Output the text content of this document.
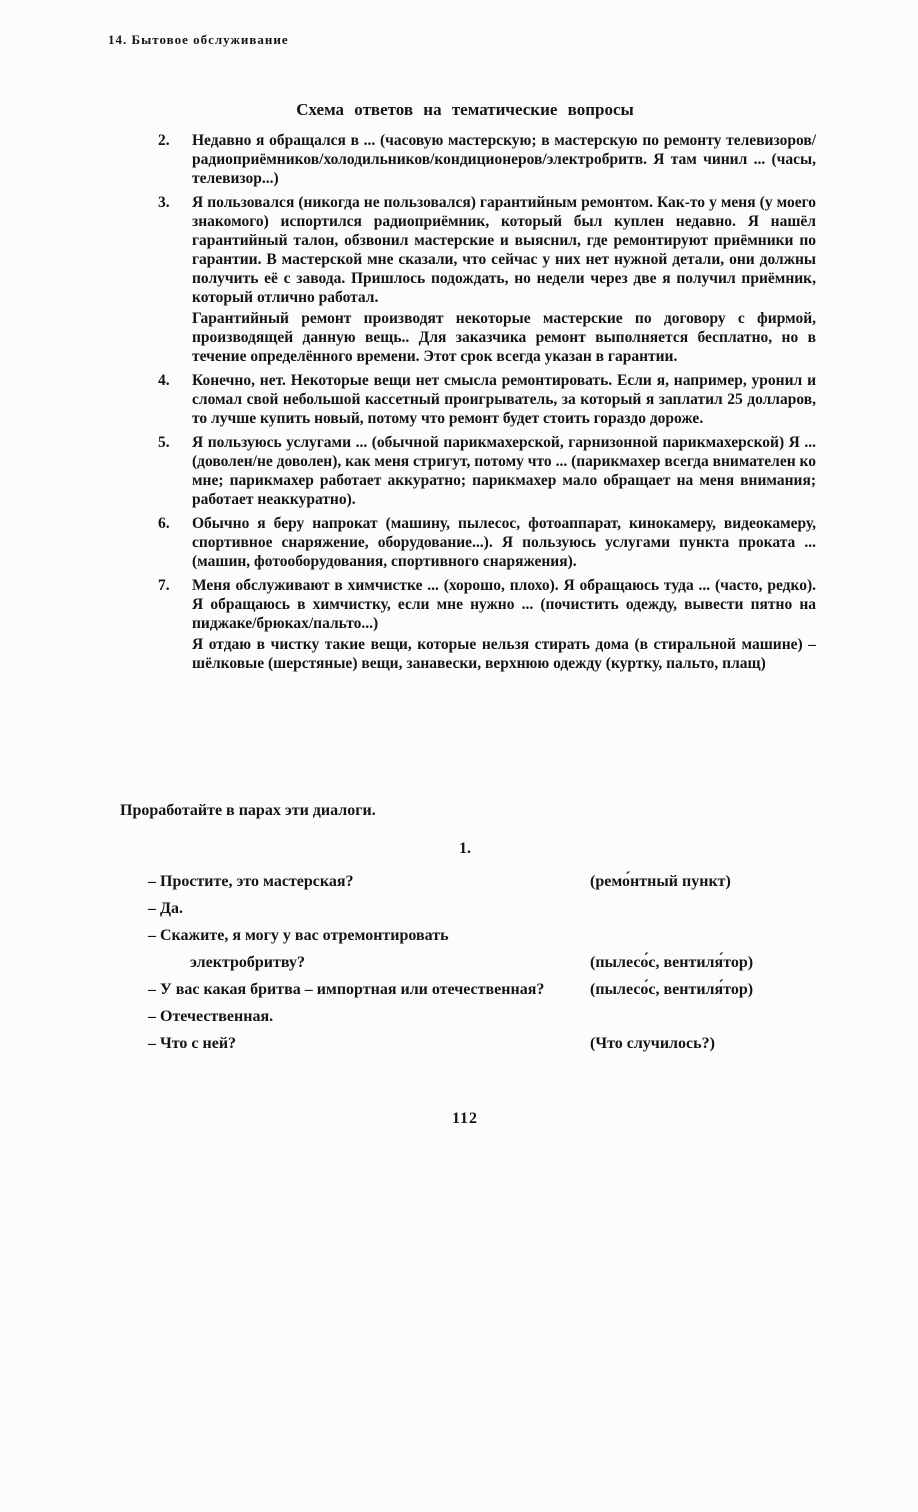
14. Бытовое обслуживание
Схема ответов на тематические вопросы
2.	Недавно я обращался в ... (часовую мастерскую; в мастерскую по ремонту телевизоров/радиоприёмников/холодильников/кондиционеров/электробритв. Я там чинил ... (часы, телевизор...)

3.	Я пользовался (никогда не пользовался) гарантийным ремонтом. Как-то у меня (у моего знакомого) испортился радиоприёмник, который был куплен недавно. Я нашёл гарантийный талон, обзвонил мастерские и выяснил, где ремонтируют приёмники по гарантии. В мастерской мне сказали, что сейчас у них нет нужной детали, они должны получить её с завода. Пришлось подождать, но недели через две я получил приёмник, который отлично работал.

Гарантийный ремонт производят некоторые мастерские по договору с фирмой, производящей данную вещь.. Для заказчика ремонт выполняется бесплатно, но в течение определённого времени. Этот срок всегда указан в гарантии.

4.	Конечно, нет. Некоторые вещи нет смысла ремонтировать. Если я, например, уронил и сломал свой небольшой кассетный проигрыватель, за который я заплатил 25 долларов, то лучше купить новый, потому что ремонт будет стоить гораздо дороже.

5.	Я пользуюсь услугами ... (обычной парикмахерской, гарнизонной парикмахерской) Я ... (доволен/не доволен), как меня стригут, потому что ... (парикмахер всегда внимателен ко мне; парикмахер работает аккуратно; парикмахер мало обращает на меня внимания; работает неаккуратно).

6.	Обычно я беру напрокат (машину, пылесос, фотоаппарат, кинокамеру, видеокамеру, спортивное снаряжение, оборудование...). Я пользуюсь услугами пункта проката ... (машин, фотооборудования, спортивного снаряжения).

7.	Меня обслуживают в химчистке ... (хорошо, плохо). Я обращаюсь туда ... (часто, редко). Я обращаюсь в химчистку, если мне нужно ... (почистить одежду, вывести пятно на пиджаке/брюках/пальто...)

Я отдаю в чистку такие вещи, которые нельзя стирать дома (в стиральной машине) – шёлковые (шерстяные) вещи, занавески, верхнюю одежду (куртку, пальто, плащ)

Проработайте в парах эти диалоги.
1.
– Простите, это мастерская?	(ремо́нтный пункт)
– Да.
– Скажите, я могу у вас отремонтировать электробритву?	(пылесо́с, вентиля́тор)
– У вас какая бритва – импортная или отечественная?	(пылесо́с, вентиля́тор)
– Отечественная.
– Что с ней?	(Что случилось?)
112
